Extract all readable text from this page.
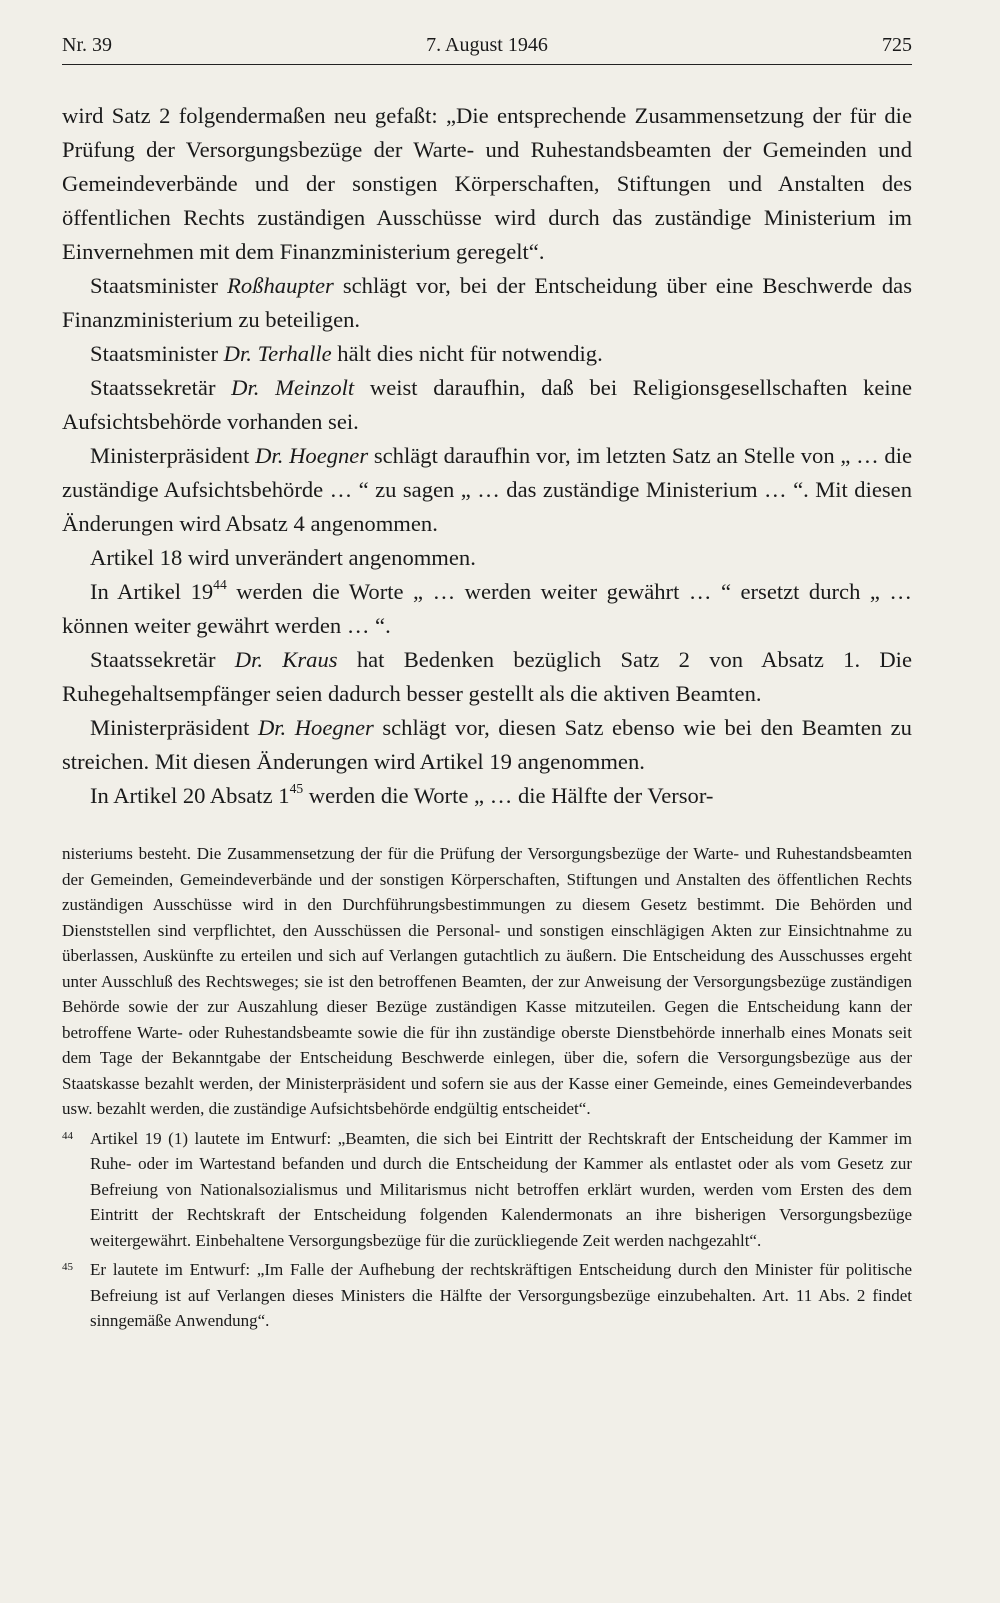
Nr. 39	7. August 1946	725

wird Satz 2 folgendermaßen neu gefaßt: „Die entsprechende Zusammensetzung der für die Prüfung der Versorgungsbezüge der Warte- und Ruhestandsbeamten der Gemeinden und Gemeindeverbände und der sonstigen Körperschaften, Stiftungen und Anstalten des öffentlichen Rechts zuständigen Ausschüsse wird durch das zuständige Ministerium im Einvernehmen mit dem Finanzministerium geregelt“.

Staatsminister Roßhaupter schlägt vor, bei der Entscheidung über eine Beschwerde das Finanzministerium zu beteiligen.

Staatsminister Dr. Terhalle hält dies nicht für notwendig.

Staatssekretär Dr. Meinzolt weist daraufhin, daß bei Religionsgesellschaften keine Aufsichtsbehörde vorhanden sei.

Ministerpräsident Dr. Hoegner schlägt daraufhin vor, im letzten Satz an Stelle von „ … die zuständige Aufsichtsbehörde … “ zu sagen „ … das zuständige Ministerium … “. Mit diesen Änderungen wird Absatz 4 angenommen.

Artikel 18 wird unverändert angenommen.

In Artikel $19^{44}$ werden die Worte „ … werden weiter gewährt … “ ersetzt durch „ … können weiter gewährt werden … “.

Staatssekretär Dr. Kraus hat Bedenken bezüglich Satz 2 von Absatz 1. Die Ruhegehaltsempfänger seien dadurch besser gestellt als die aktiven Beamten.

Ministerpräsident Dr. Hoegner schlägt vor, diesen Satz ebenso wie bei den Beamten zu streichen. Mit diesen Änderungen wird Artikel 19 angenommen.

In Artikel 20 Absatz $1^{45}$ werden die Worte „ … die Hälfte der Versor-

nisteriums besteht. Die Zusammensetzung der für die Prüfung der Versorgungsbezüge der Warte- und Ruhestandsbeamten der Gemeinden, Gemeindeverbände und der sonstigen Körperschaften, Stiftungen und Anstalten des öffentlichen Rechts zuständigen Ausschüsse wird in den Durchführungsbestimmungen zu diesem Gesetz bestimmt. Die Behörden und Dienststellen sind verpflichtet, den Ausschüssen die Personal- und sonstigen einschlägigen Akten zur Einsichtnahme zu überlassen, Auskünfte zu erteilen und sich auf Verlangen gutachtlich zu äußern. Die Entscheidung des Ausschusses ergeht unter Ausschluß des Rechtsweges; sie ist den betroffenen Beamten, der zur Anweisung der Versorgungsbezüge zuständigen Behörde sowie der zur Auszahlung dieser Bezüge zuständigen Kasse mitzuteilen. Gegen die Entscheidung kann der betroffene Warte- oder Ruhestandsbeamte sowie die für ihn zuständige oberste Dienstbehörde innerhalb eines Monats seit dem Tage der Bekanntgabe der Entscheidung Beschwerde einlegen, über die, sofern die Versorgungsbezüge aus der Staatskasse bezahlt werden, der Ministerpräsident und sofern sie aus der Kasse einer Gemeinde, eines Gemeindeverbandes usw. bezahlt werden, die zuständige Aufsichtsbehörde endgültig entscheidet“.

44 Artikel 19 (1) lautete im Entwurf: „Beamten, die sich bei Eintritt der Rechtskraft der Entscheidung der Kammer im Ruhe- oder im Wartestand befanden und durch die Entscheidung der Kammer als entlastet oder als vom Gesetz zur Befreiung von Nationalsozialismus und Militarismus nicht betroffen erklärt wurden, werden vom Ersten des dem Eintritt der Rechtskraft der Entscheidung folgenden Kalendermonats an ihre bisherigen Versorgungsbezüge weitergewährt. Einbehaltene Versorgungsbezüge für die zurückliegende Zeit werden nachgezahlt“.

45 Er lautete im Entwurf: „Im Falle der Aufhebung der rechtskräftigen Entscheidung durch den Minister für politische Befreiung ist auf Verlangen dieses Ministers die Hälfte der Versorgungsbezüge einzubehalten. Art. 11 Abs. 2 findet sinngemäße Anwendung“.
